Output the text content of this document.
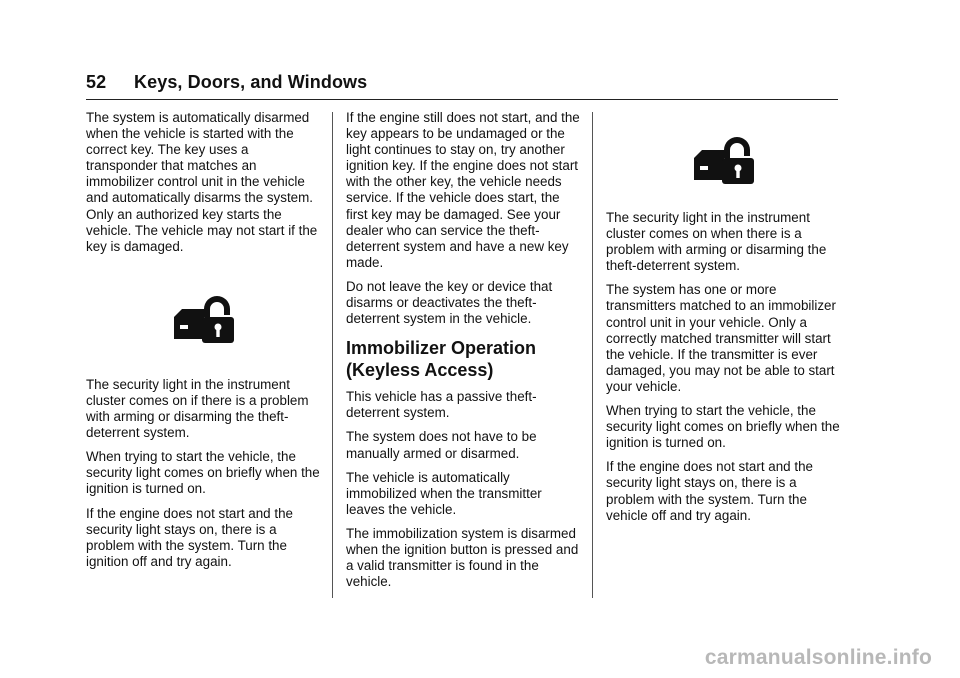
52	Keys, Doors, and Windows

The system is automatically disarmed when the vehicle is started with the correct key. The key uses a transponder that matches an immobilizer control unit in the vehicle and automatically disarms the system. Only an authorized key starts the vehicle. The vehicle may not start if the key is damaged.

The security light in the instrument cluster comes on if there is a problem with arming or disarming the theft-deterrent system.

When trying to start the vehicle, the security light comes on briefly when the ignition is turned on.

If the engine does not start and the security light stays on, there is a problem with the system. Turn the ignition off and try again.

If the engine still does not start, and the key appears to be undamaged or the light continues to stay on, try another ignition key. If the engine does not start with the other key, the vehicle needs service. If the vehicle does start, the first key may be damaged. See your dealer who can service the theft-deterrent system and have a new key made.

Do not leave the key or device that disarms or deactivates the theft-deterrent system in the vehicle.

Immobilizer Operation (Keyless Access)

This vehicle has a passive theft-deterrent system.

The system does not have to be manually armed or disarmed.

The vehicle is automatically immobilized when the transmitter leaves the vehicle.

The immobilization system is disarmed when the ignition button is pressed and a valid transmitter is found in the vehicle.

The security light in the instrument cluster comes on when there is a problem with arming or disarming the theft-deterrent system.

The system has one or more transmitters matched to an immobilizer control unit in your vehicle. Only a correctly matched transmitter will start the vehicle. If the transmitter is ever damaged, you may not be able to start your vehicle.

When trying to start the vehicle, the security light comes on briefly when the ignition is turned on.

If the engine does not start and the security light stays on, there is a problem with the system. Turn the vehicle off and try again.

carmanualsonline.info
